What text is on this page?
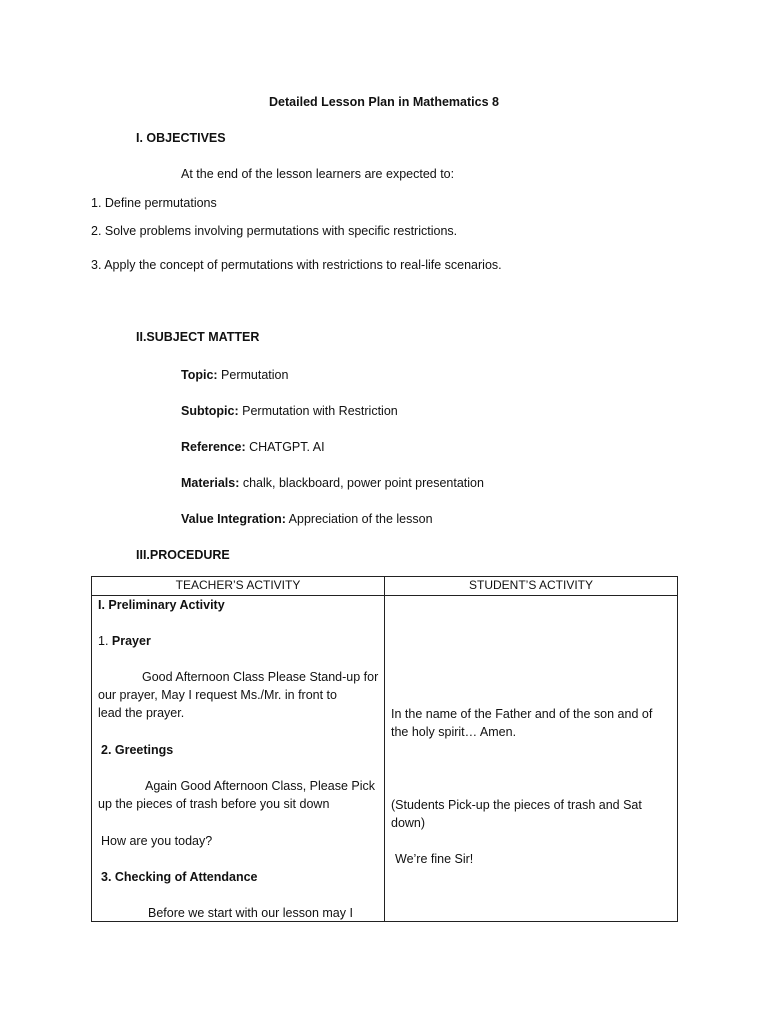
Detailed Lesson Plan in Mathematics 8
I. OBJECTIVES
At the end of the lesson learners are expected to:
1. Define permutations
2. Solve problems involving permutations with specific restrictions.
3. Apply the concept of permutations with restrictions to real-life scenarios.
II.SUBJECT MATTER
Topic: Permutation
Subtopic: Permutation with Restriction
Reference: CHATGPT. AI
Materials: chalk, blackboard, power point presentation
Value Integration: Appreciation of the lesson
III.PROCEDURE
TEACHER’S ACTIVITY	STUDENT’S ACTIVITY
I. Preliminary Activity
1. Prayer
Good Afternoon Class Please Stand-up for
our prayer, May I request Ms./Mr. in front to
lead the prayer.
2. Greetings
Again Good Afternoon Class, Please Pick
up the pieces of trash before you sit down
How are you today?
3. Checking of Attendance
Before we start with our lesson may I
In the name of the Father and of the son and of
the holy spirit… Amen.
(Students Pick-up the pieces of trash and Sat
down)
We’re fine Sir!
